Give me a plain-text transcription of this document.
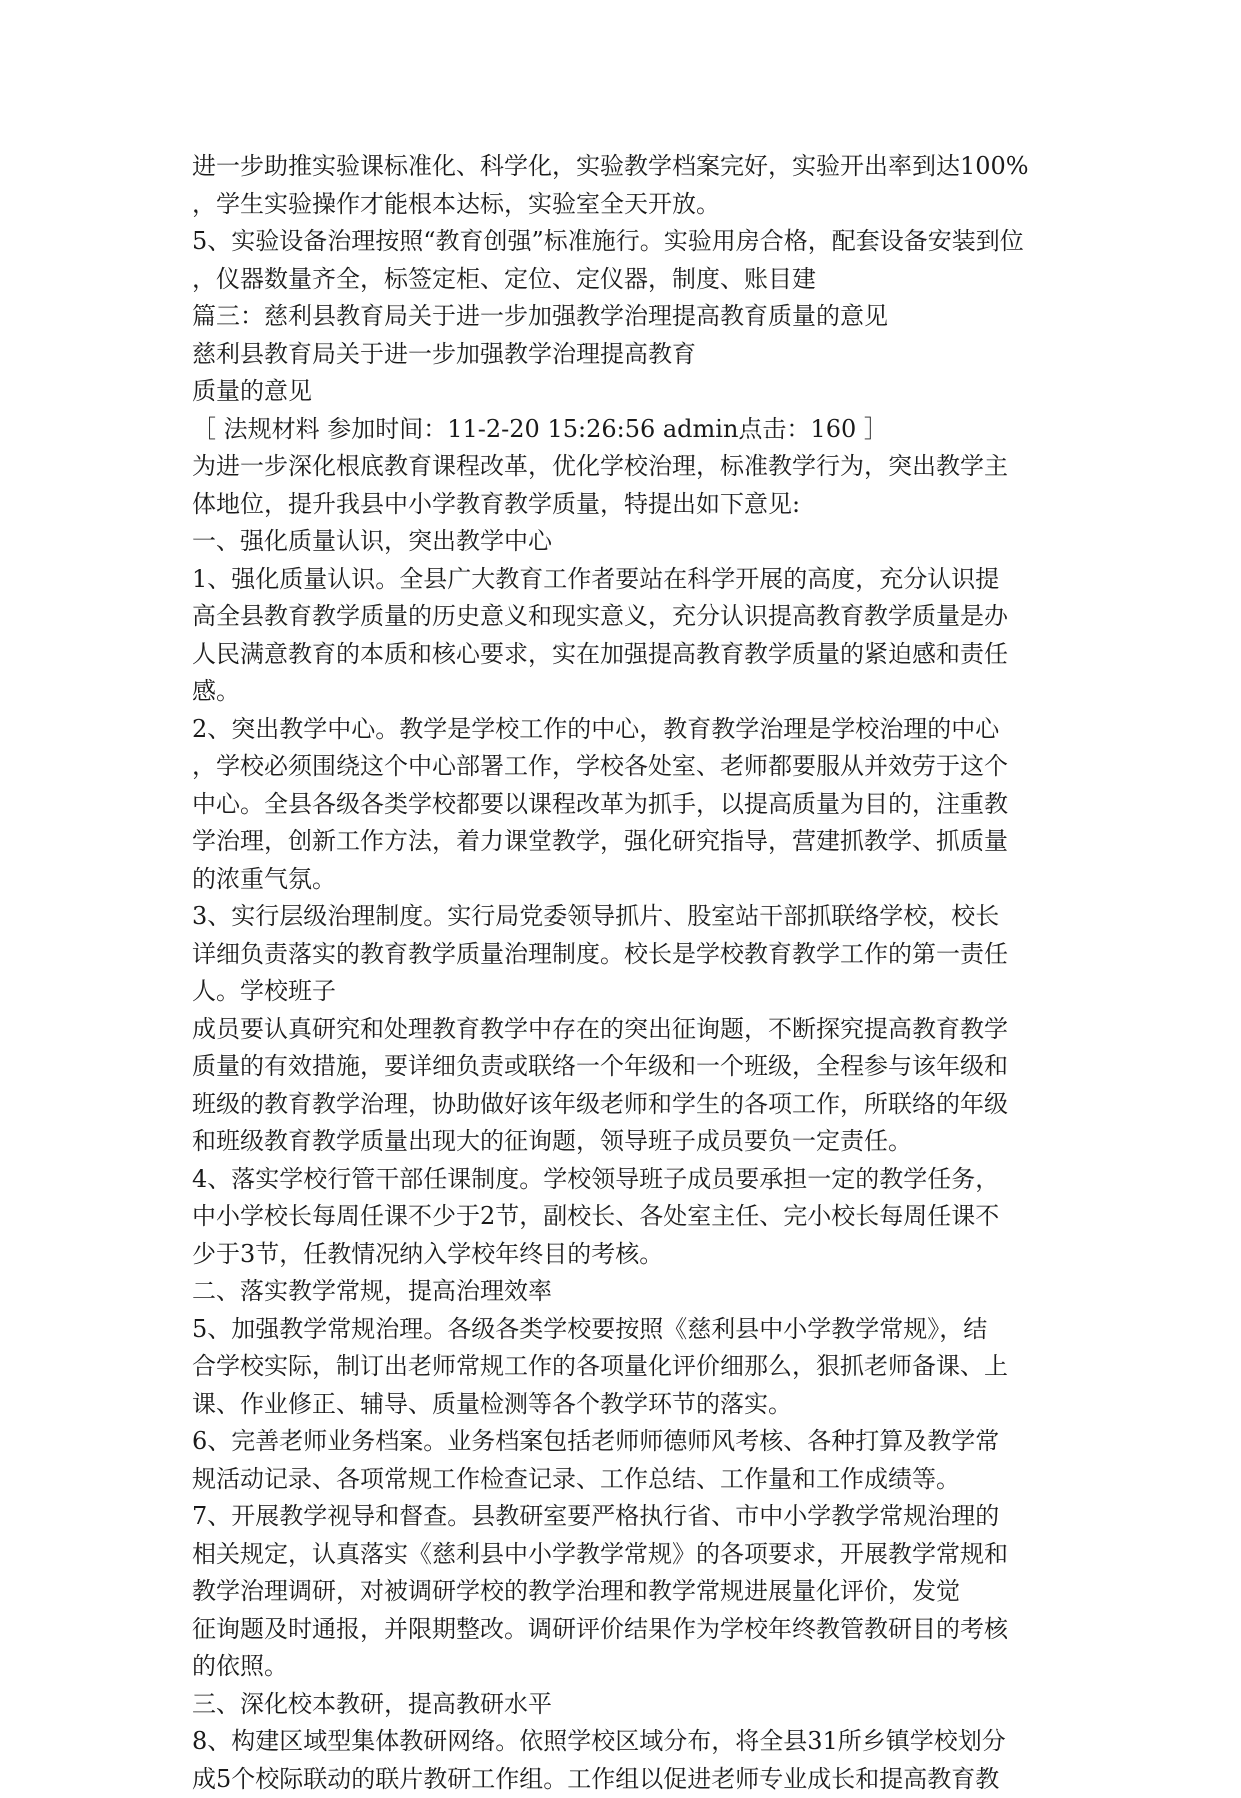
进一步助推实验课标准化、科学化，实验教学档案完好，实验开出率到达100%
，学生实验操作才能根本达标，实验室全天开放。
5、实验设备治理按照“教育创强”标准施行。实验用房合格，配套设备安装到位
，仪器数量齐全，标签定柜、定位、定仪器，制度、账目建
篇三：慈利县教育局关于进一步加强教学治理提高教育质量的意见
慈利县教育局关于进一步加强教学治理提高教育
质量的意见
［ 法规材料 参加时间：11-2-20 15:26:56 admin点击：160 ］
为进一步深化根底教育课程改革，优化学校治理，标准教学行为，突出教学主
体地位，提升我县中小学教育教学质量，特提出如下意见:
一、强化质量认识，突出教学中心
1、强化质量认识。全县广大教育工作者要站在科学开展的高度，充分认识提
高全县教育教学质量的历史意义和现实意义，充分认识提高教育教学质量是办
人民满意教育的本质和核心要求，实在加强提高教育教学质量的紧迫感和责任
感。
2、突出教学中心。教学是学校工作的中心，教育教学治理是学校治理的中心
，学校必须围绕这个中心部署工作，学校各处室、老师都要服从并效劳于这个
中心。全县各级各类学校都要以课程改革为抓手，以提高质量为目的，注重教
学治理，创新工作方法，着力课堂教学，强化研究指导，营建抓教学、抓质量
的浓重气氛。
3、实行层级治理制度。实行局党委领导抓片、股室站干部抓联络学校，校长
详细负责落实的教育教学质量治理制度。校长是学校教育教学工作的第一责任
人。学校班子
成员要认真研究和处理教育教学中存在的突出征询题，不断探究提高教育教学
质量的有效措施，要详细负责或联络一个年级和一个班级，全程参与该年级和
班级的教育教学治理，协助做好该年级老师和学生的各项工作，所联络的年级
和班级教育教学质量出现大的征询题，领导班子成员要负一定责任。
4、落实学校行管干部任课制度。学校领导班子成员要承担一定的教学任务，
中小学校长每周任课不少于2节，副校长、各处室主任、完小校长每周任课不
少于3节，任教情况纳入学校年终目的考核。
二、落实教学常规，提高治理效率
5、加强教学常规治理。各级各类学校要按照《慈利县中小学教学常规》，结
合学校实际，制订出老师常规工作的各项量化评价细那么，狠抓老师备课、上
课、作业修正、辅导、质量检测等各个教学环节的落实。
6、完善老师业务档案。业务档案包括老师师德师风考核、各种打算及教学常
规活动记录、各项常规工作检查记录、工作总结、工作量和工作成绩等。
7、开展教学视导和督查。县教研室要严格执行省、市中小学教学常规治理的
相关规定，认真落实《慈利县中小学教学常规》的各项要求，开展教学常规和
教学治理调研，对被调研学校的教学治理和教学常规进展量化评价，发觉
征询题及时通报，并限期整改。调研评价结果作为学校年终教管教研目的考核
的依照。
三、深化校本教研，提高教研水平
8、构建区域型集体教研网络。依照学校区域分布，将全县31所乡镇学校划分
成5个校际联动的联片教研工作组。工作组以促进老师专业成长和提高教育教
